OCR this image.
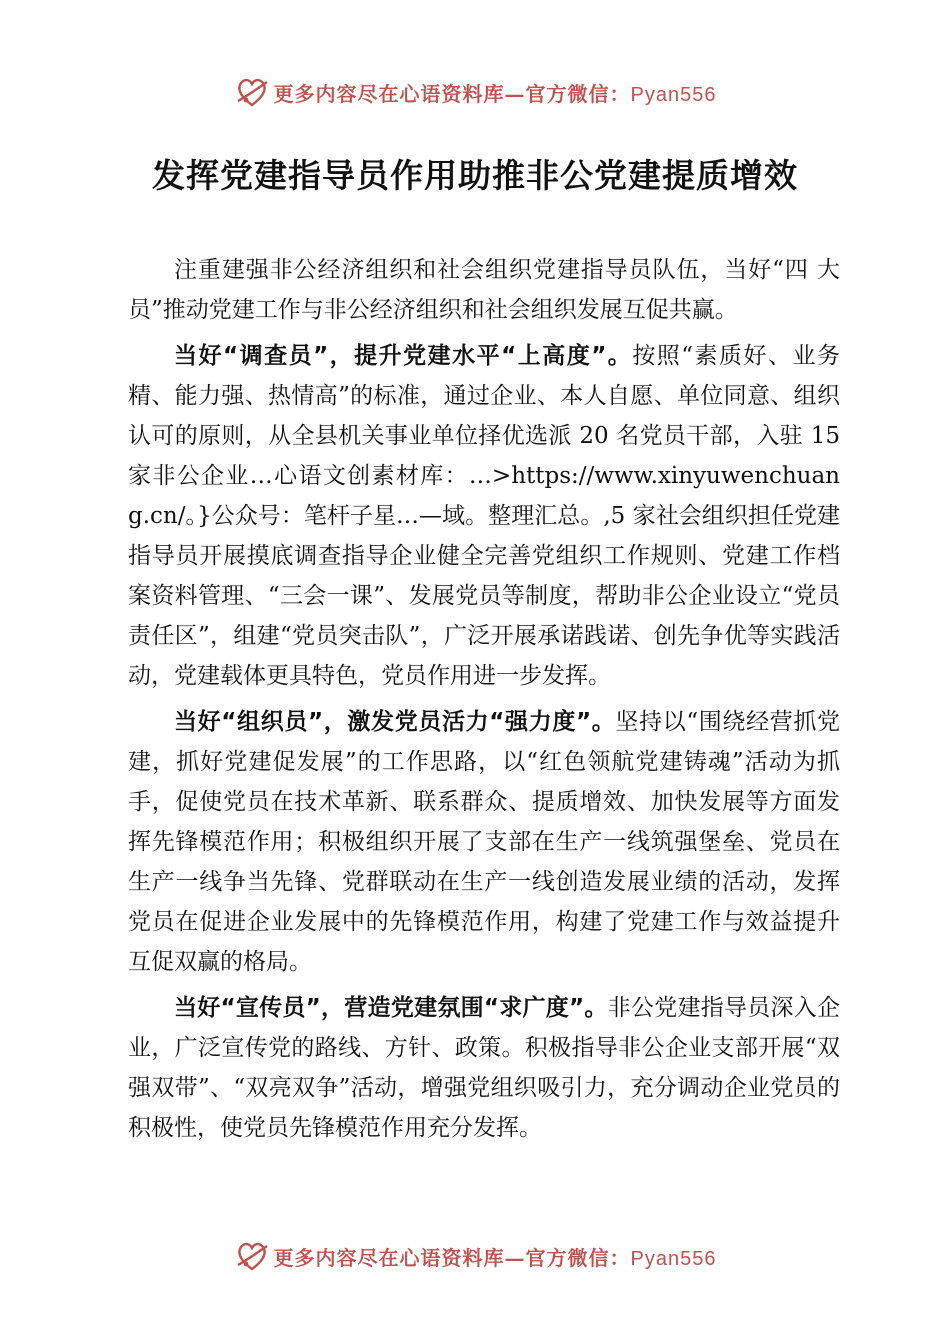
更多内容尽在心语资料库—官方微信：Pyan556
发挥党建指导员作用助推非公党建提质增效

注重建强非公经济组织和社会组织党建指导员队伍，当好“四 大员”推动党建工作与非公经济组织和社会组织发展互促共赢。

当好“调查员”，提升党建水平“上高度”。按照“素质好、业务精、能力强、热情高”的标准，通过企业、本人自愿、单位同意、组织认可的原则，从全县机关事业单位择优选派 20 名党员干部，入驻 15 家非公企业…心语文创素材库：…>https://www.xinyuwenchuang.cn/。}公众号：笔杆子星…—域。整理汇总。,5 家社会组织担任党建指导员开展摸底调查指导企业健全完善党组织工作规则、党建工作档案资料管理、“三会一课”、发展党员等制度，帮助非公企业设立“党员责任区”，组建“党员突击队”，广泛开展承诺践诺、创先争优等实践活动，党建载体更具特色，党员作用进一步发挥。

当好“组织员”，激发党员活力“强力度”。坚持以“围绕经营抓党建，抓好党建促发展”的工作思路，以“红色领航党建铸魂”活动为抓手，促使党员在技术革新、联系群众、提质增效、加快发展等方面发挥先锋模范作用；积极组织开展了支部在生产一线筑强堡垒、党员在生产一线争当先锋、党群联动在生产一线创造发展业绩的活动，发挥党员在促进企业发展中的先锋模范作用，构建了党建工作与效益提升互促双赢的格局。

当好“宣传员”，营造党建氛围“求广度”。非公党建指导员深入企业，广泛宣传党的路线、方针、政策。积极指导非公企业支部开展“双强双带”、“双亮双争”活动，增强党组织吸引力，充分调动企业党员的积极性，使党员先锋模范作用充分发挥。

更多内容尽在心语资料库—官方微信：Pyan556
